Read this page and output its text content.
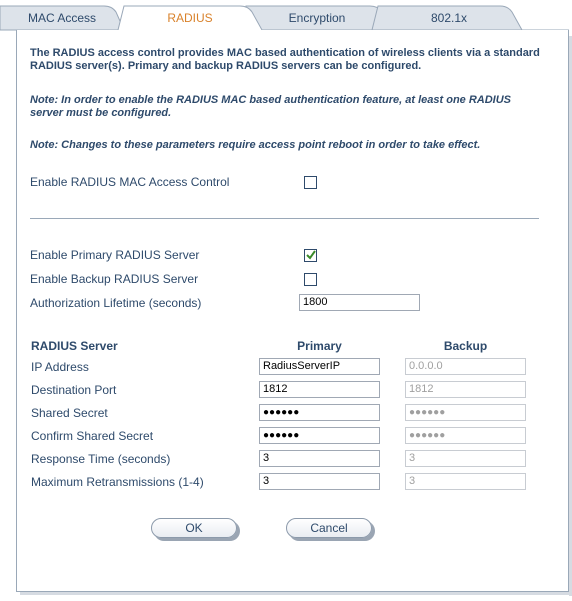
MAC Access	RADIUS	Encryption	802.1x
The RADIUS access control provides MAC based authentication of wireless clients via a standard RADIUS server(s). Primary and backup RADIUS servers can be configured.
Note: In order to enable the RADIUS MAC based authentication feature, at least one RADIUS server must be configured.
Note: Changes to these parameters require access point reboot in order to take effect.
Enable RADIUS MAC Access Control
Enable Primary RADIUS Server
Enable Backup RADIUS Server
Authorization Lifetime (seconds)	1800
RADIUS Server	Primary	Backup
IP Address	RadiusServerIP	0.0.0.0
Destination Port	1812	1812
Shared Secret	●●●●●●	●●●●●●
Confirm Shared Secret	●●●●●●	●●●●●●
Response Time (seconds)	3	3
Maximum Retransmissions (1-4)	3	3
OK	Cancel
